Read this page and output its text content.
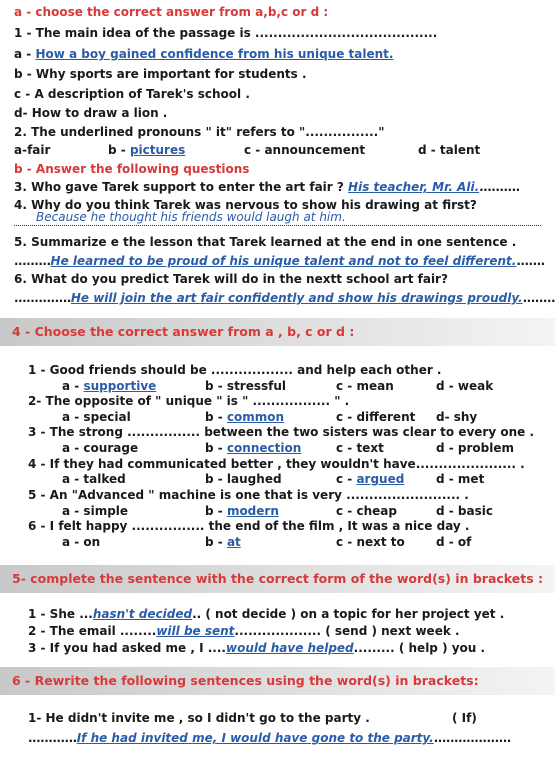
a - choose the correct answer from a,b,c or d :
1 - The main idea of the passage is ........................................
a - How a boy gained confidence from his unique talent.
b - Why sports are important for students .
c - A description of Tarek's school .
d- How to draw a lion .
2. The underlined pronouns " it" refers to "................"
a-fair	b - pictures	c - announcement	d - talent
b - Answer the following questions
3. Who gave Tarek support to enter the art fair ? His teacher, Mr. Ali...........
4. Why do you think Tarek was nervous to show his drawing at first?
Because he thought his friends would laugh at him.
5. Summarize e the lesson that Tarek learned at the end in one sentence .
.........He learned to be proud of his unique talent and not to feel different........
6. What do you predict Tarek will do in the nextt school art fair?
..............He will join the art fair confidently and show his drawings proudly.........
4 - Choose the correct answer from a , b, c or d :
1 - Good friends should be .................. and help each other .
a - supportive	b - stressful	c - mean	d - weak
2- The opposite of " unique " is " ................. " .
a - special	b - common	c - different d- shy
3 - The strong ................ between the two sisters was clear to every one .
a - courage	b - connection	c - text	d - problem
4 - If they had communicated better , they wouldn't have...................... .
a - talked	b - laughed	c - argued	d - met
5 - An "Advanced " machine is one that is very ......................... .
a - simple	b - modern	c - cheap	d - basic
6 - I felt happy ................ the end of the film , It was a nice day .
a - on	b - at	c - next to	d - of
5- complete the sentence with the correct form of the word(s) in brackets :
1 - She ...hasn't decided.. ( not decide ) on a topic for her project yet .
2 - The email ........will be sent................... ( send ) next week .
3 - If you had asked me , I ....would have helped......... ( help ) you .
6 - Rewrite the following sentences using the word(s) in brackets:
1- He didn't invite me , so I didn't go to the party .	( If)
............If he had invited me, I would have gone to the party....................
